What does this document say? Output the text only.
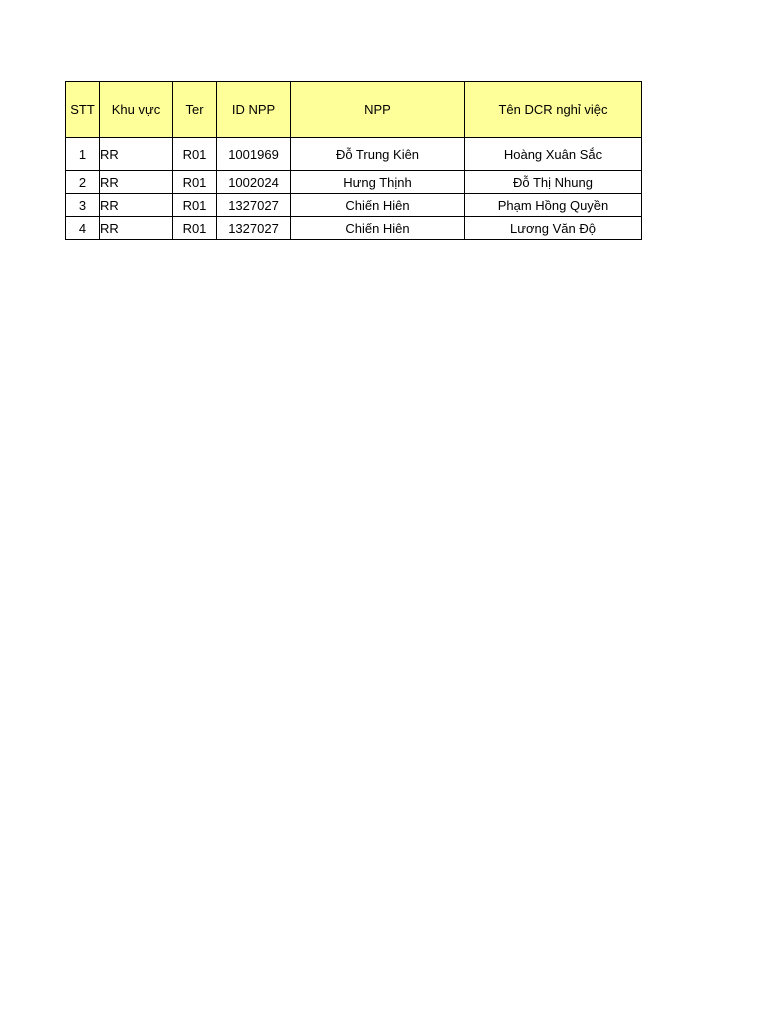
STT	Khu vực	Ter	ID NPP	NPP	Tên DCR nghỉ việc
1	RR	R01	1001969	Đỗ Trung Kiên	Hoàng Xuân Sắc
2	RR	R01	1002024	Hưng Thịnh	Đỗ Thị Nhung
3	RR	R01	1327027	Chiến Hiên	Phạm Hồng Quyền
4	RR	R01	1327027	Chiến Hiên	Lương Văn Độ
